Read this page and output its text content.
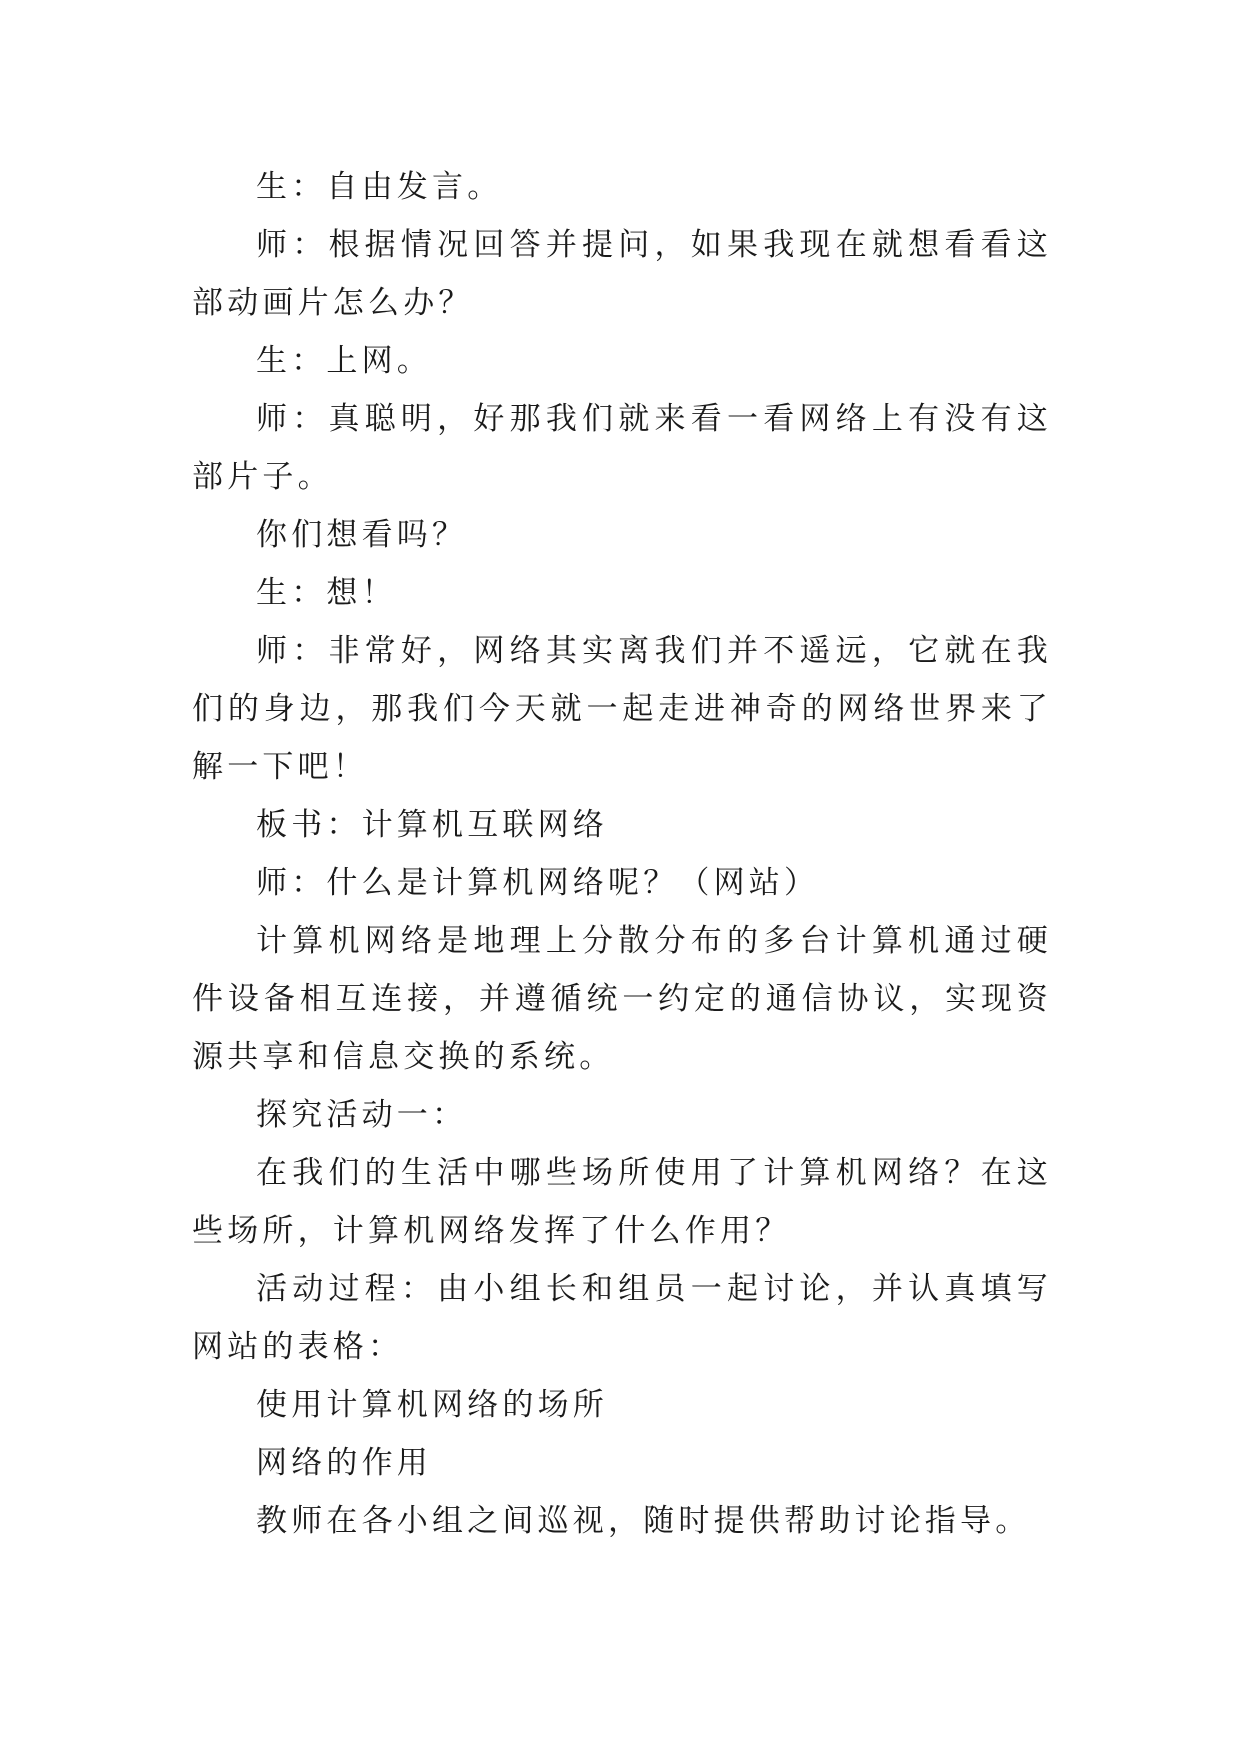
生：自由发言。

师：根据情况回答并提问，如果我现在就想看看这部动画片怎么办？

生：上网。

师：真聪明，好那我们就来看一看网络上有没有这部片子。

你们想看吗？

生：想！

师：非常好，网络其实离我们并不遥远，它就在我们的身边，那我们今天就一起走进神奇的网络世界来了解一下吧！

板书：计算机互联网络

师：什么是计算机网络呢？（网站）

计算机网络是地理上分散分布的多台计算机通过硬件设备相互连接，并遵循统一约定的通信协议，实现资源共享和信息交换的系统。

探究活动一：

在我们的生活中哪些场所使用了计算机网络？在这些场所，计算机网络发挥了什么作用？

活动过程：由小组长和组员一起讨论，并认真填写网站的表格：

使用计算机网络的场所

网络的作用

教师在各小组之间巡视，随时提供帮助讨论指导。
